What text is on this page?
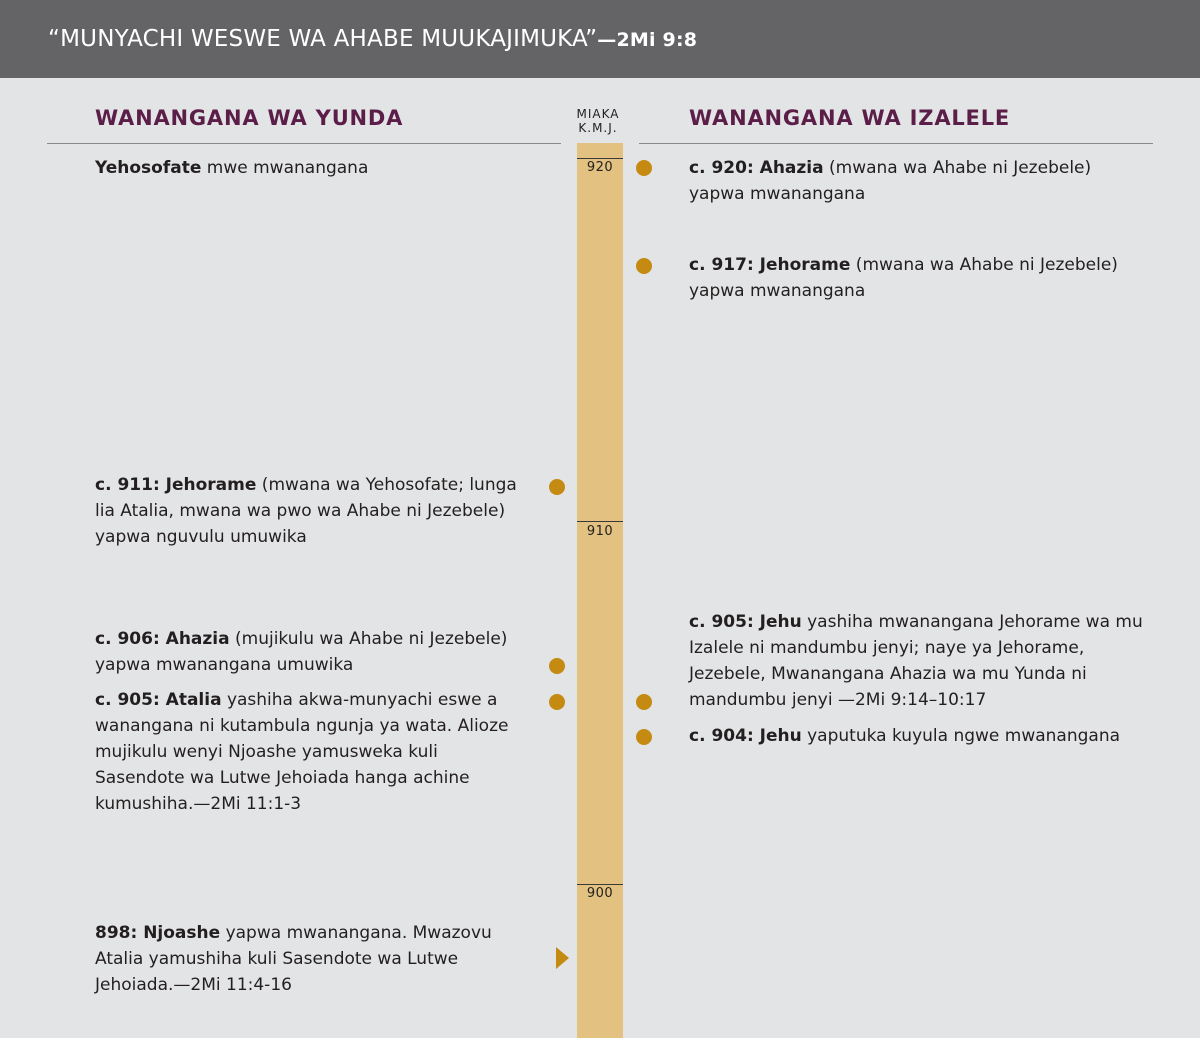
“MUNYACHI WESWE WA AHABE MUUKAJIMUKA”—2Mi 9:8
WANANGANA WA YUNDA	WANANGANA WA IZALELE
MIAKA
K.M.J.
920
910
900
Yehosofate mwe mwanangana
c. 911: Jehorame (mwana wa Yehosofate; lunga lia Atalia, mwana wa pwo wa Ahabe ni Jezebele) yapwa nguvulu umuwika
c. 906: Ahazia (mujikulu wa Ahabe ni Jezebele) yapwa mwanangana umuwika
c. 905: Atalia yashiha akwa-munyachi eswe a wanangana ni kutambula ngunja ya wata. Alioze mujikulu wenyi Njoashe yamusweka kuli Sasendote wa Lutwe Jehoiada hanga achine kumushiha.—2Mi 11:1-3
898: Njoashe yapwa mwanangana. Mwazovu Atalia yamushiha kuli Sasendote wa Lutwe Jehoiada.—2Mi 11:4-16
c. 920: Ahazia (mwana wa Ahabe ni Jezebele) yapwa mwanangana
c. 917: Jehorame (mwana wa Ahabe ni Jezebele) yapwa mwanangana
c. 905: Jehu yashiha mwanangana Jehorame wa mu Izalele ni mandumbu jenyi; naye ya Jehorame, Jezebele, Mwanangana Ahazia wa mu Yunda ni mandumbu jenyi —2Mi 9:14–10:17
c. 904: Jehu yaputuka kuyula ngwe mwanangana
